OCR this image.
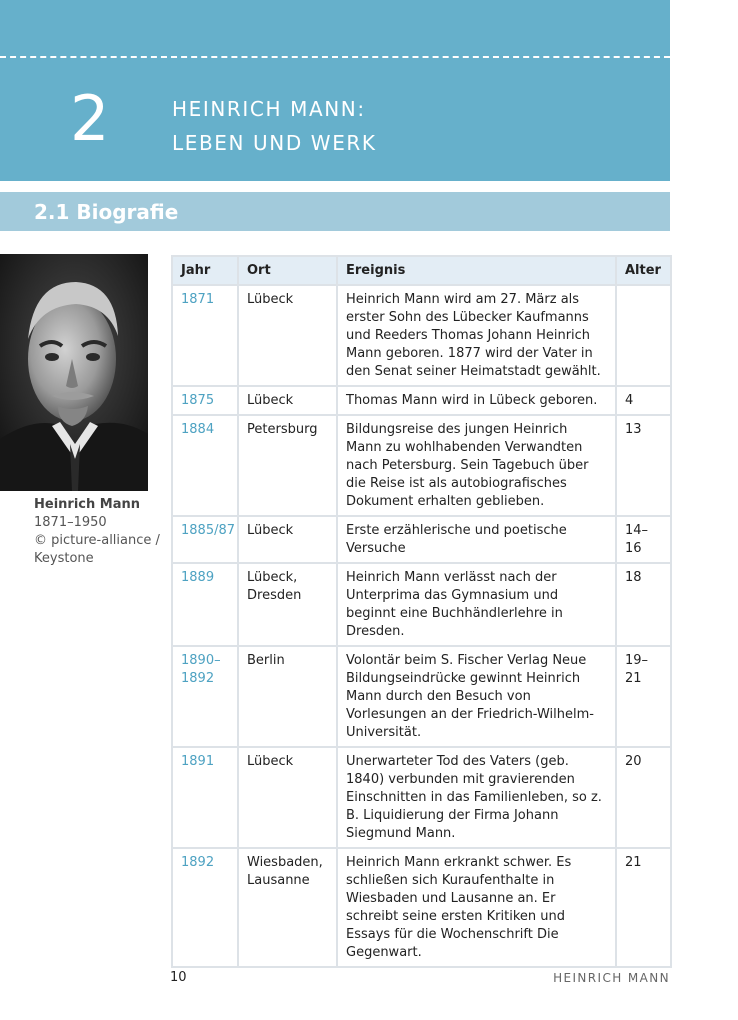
2	HEINRICH MANN:
LEBEN UND WERK
2.1 Biografie
Heinrich Mann
1871–1950
© picture-alliance /
Keystone
Jahr	Ort	Ereignis	Alter
1871	Lübeck	Heinrich Mann wird am 27. März als erster Sohn des Lübecker Kaufmanns und Reeders Thomas Johann Heinrich Mann geboren. 1877 wird der Vater in den Senat seiner Heimatstadt gewählt.	
1875	Lübeck	Thomas Mann wird in Lübeck geboren.	4
1884	Petersburg	Bildungsreise des jungen Heinrich Mann zu wohlhabenden Verwandten nach Petersburg. Sein Tagebuch über die Reise ist als autobiografisches Dokument erhalten geblieben.	13
1885/87	Lübeck	Erste erzählerische und poetische Versuche	14–16
1889	Lübeck, Dresden	Heinrich Mann verlässt nach der Unterprima das Gymnasium und beginnt eine Buchhändlerlehre in Dresden.	18
1890–1892	Berlin	Volontär beim S. Fischer Verlag Neue Bildungseindrücke gewinnt Heinrich Mann durch den Besuch von Vorlesungen an der Friedrich-Wilhelm-Universität.	19–21
1891	Lübeck	Unerwarteter Tod des Vaters (geb. 1840) verbunden mit gravierenden Einschnitten in das Familienleben, so z. B. Liquidierung der Firma Johann Siegmund Mann.	20
1892	Wiesbaden, Lausanne	Heinrich Mann erkrankt schwer. Es schließen sich Kuraufenthalte in Wiesbaden und Lausanne an. Er schreibt seine ersten Kritiken und Essays für die Wochenschrift Die Gegenwart.	21
10	HEINRICH MANN
